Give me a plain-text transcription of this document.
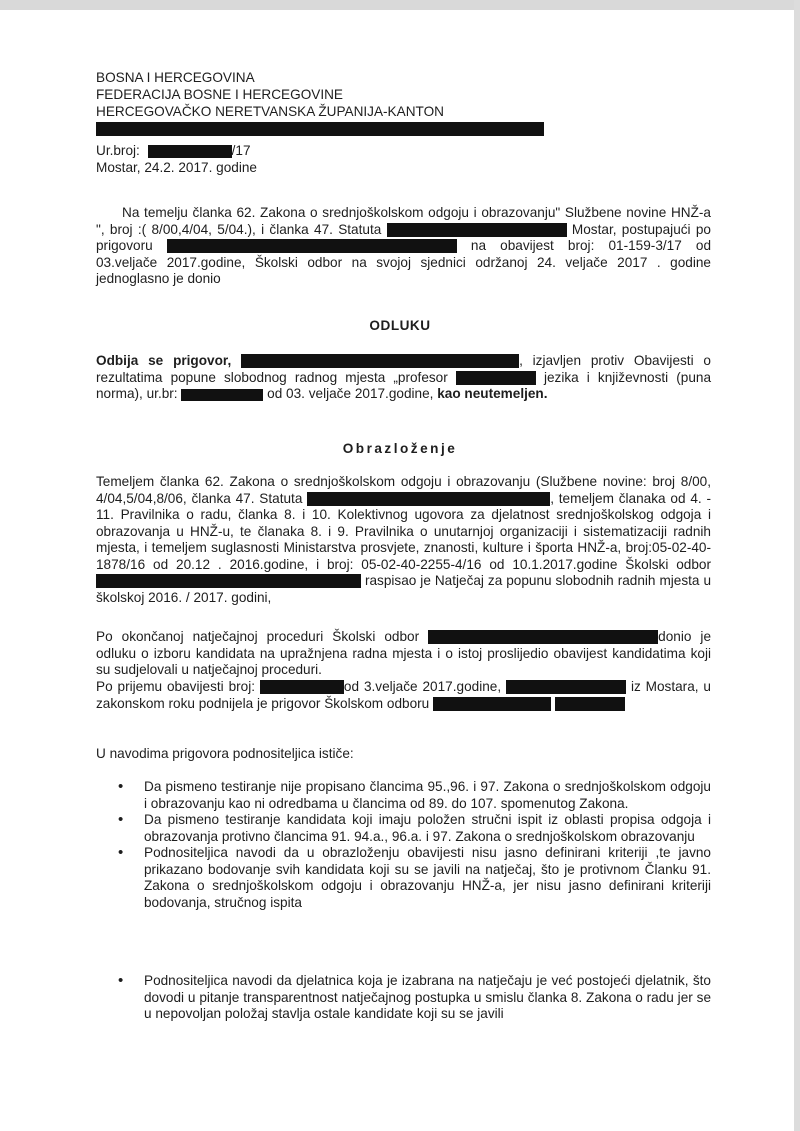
BOSNA I HERCEGOVINA
FEDERACIJA BOSNE I HERCEGOVINE
HERCEGOVAČKO NERETVANSKA ŽUPANIJA-KANTON
Ur.broj:	/17
Mostar, 24.2. 2017. godine
Na temelju članka 62. Zakona o srednjoškolskom odgoju i obrazovanju" Službene novine HNŽ-a ", broj :( 8/00,4/04, 5/04.), i članka 47. Statuta	Mostar, postupajući po prigovoru	na obavijest broj: 01-159-3/17 od 03.veljače 2017.godine, Školski odbor na svojoj sjednici održanoj 24. veljače 2017 . godine jednoglasno je donio
ODLUKU
Odbija se prigovor,	, izjavljen protiv Obavijesti o rezultatima popune slobodnog radnog mjesta „profesor	jezika i književnosti (puna norma), ur.br:	od 03. veljače 2017.godine, kao neutemeljen.
Obrazloženje
Temeljem članka 62. Zakona o srednjoškolskom odgoju i obrazovanju (Službene novine: broj 8/00, 4/04,5/04,8/06, članka 47. Statuta	, temeljem članaka od 4. - 11. Pravilnika o radu, članka 8. i 10. Kolektivnog ugovora za djelatnost srednjoškolskog odgoja i obrazovanja u HNŽ-u, te članaka 8. i 9. Pravilnika o unutarnjoj organizaciji i sistematizaciji radnih mjesta, i temeljem suglasnosti Ministarstva prosvjete, znanosti, kulture i športa HNŽ-a, broj:05-02-40-1878/16 od 20.12 . 2016.godine, i broj: 05-02-40-2255-4/16 od 10.1.2017.godine Školski odbor  raspisao je Natječaj za popunu slobodnih radnih mjesta u školskoj 2016. / 2017. godini,
Po okončanoj natječajnoj proceduri Školski odbor	donio je odluku o izboru kandidata na upražnjena radna mjesta i o istoj proslijedio obavijest kandidatima koji su sudjelovali u natječajnoj proceduri.
Po prijemu obavijesti broj:	od 3.veljače 2017.godine,	iz Mostara, u zakonskom roku podnijela je prigovor Školskom odboru
U navodima prigovora podnositeljica ističe:
• Da pismeno testiranje nije propisano člancima 95.,96. i 97. Zakona o srednjoškolskom odgoju i obrazovanju kao ni odredbama u člancima od 89. do 107. spomenutog Zakona.
• Da pismeno testiranje kandidata koji imaju položen stručni ispit iz oblasti propisa odgoja i obrazovanja protivno člancima 91. 94.a., 96.a. i 97. Zakona o srednjoškolskom obrazovanju
• Podnositeljica navodi da u obrazloženju obavijesti nisu jasno definirani kriteriji ,te javno prikazano bodovanje svih kandidata koji su se javili na natječaj, što je protivnom Članku 91. Zakona o srednjoškolskom odgoju i obrazovanju HNŽ-a, jer nisu jasno definirani kriteriji bodovanja, stručnog ispita
• Podnositeljica navodi da djelatnica koja je izabrana na natječaju je već postojeći djelatnik, što dovodi u pitanje transparentnost natječajnog postupka u smislu članka 8. Zakona o radu jer se u nepovoljan položaj stavlja ostale kandidate koji su se javili
